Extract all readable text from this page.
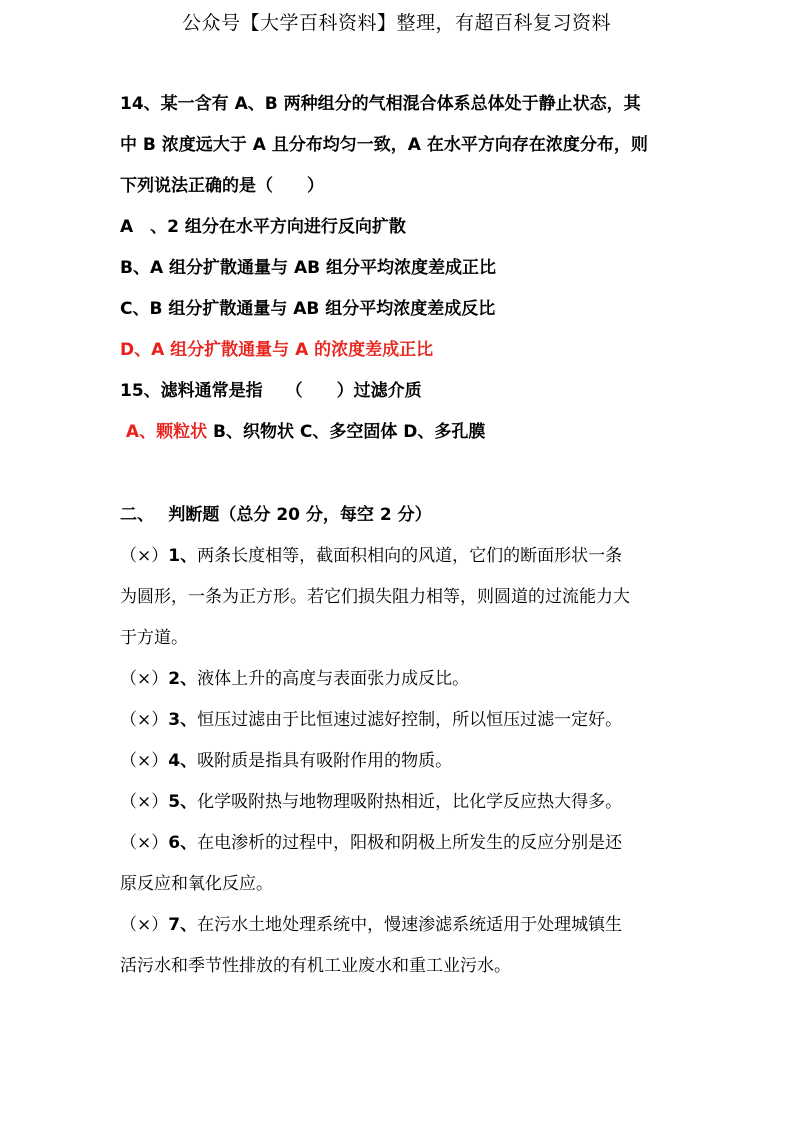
公众号【大学百科资料】整理，有超百科复习资料
14、某一含有 A、B 两种组分的气相混合体系总体处于静止状态，其
中 B 浓度远大于 A 且分布均匀一致，A 在水平方向存在浓度分布，则
下列说法正确的是（　　）
A　、2 组分在水平方向进行反向扩散
B、A 组分扩散通量与 AB 组分平均浓度差成正比
C、B 组分扩散通量与 AB 组分平均浓度差成反比
D、A 组分扩散通量与 A 的浓度差成正比
15、滤料通常是指　 （　　）过滤介质
A、颗粒状 B、织物状 C、多空固体 D、多孔膜
二、　 判断题（总分 20 分，每空 2 分）
（×）1、两条长度相等，截面积相向的风道，它们的断面形状一条
为圆形，一条为正方形。若它们损失阻力相等，则圆道的过流能力大
于方道。
（×）2、液体上升的高度与表面张力成反比。
（×）3、恒压过滤由于比恒速过滤好控制，所以恒压过滤一定好。
（×）4、吸附质是指具有吸附作用的物质。
（×）5、化学吸附热与地物理吸附热相近，比化学反应热大得多。
（×）6、在电渗析的过程中，阳极和阴极上所发生的反应分别是还
原反应和氧化反应。
（×）7、在污水土地处理系统中，慢速渗滤系统适用于处理城镇生
活污水和季节性排放的有机工业废水和重工业污水。
